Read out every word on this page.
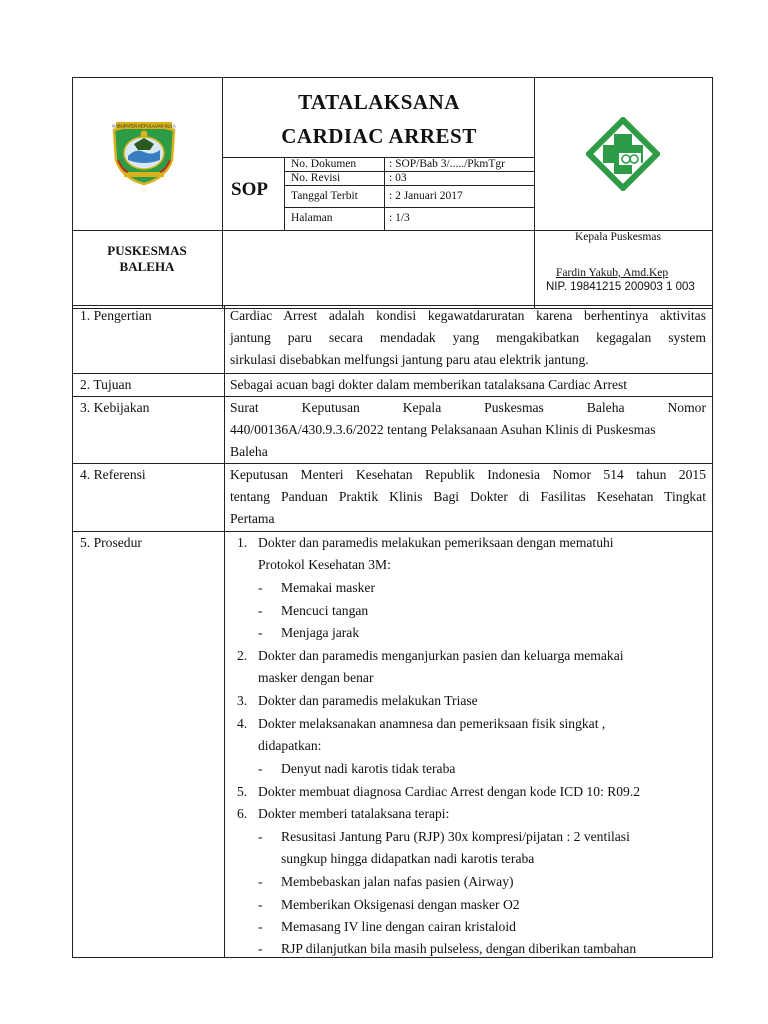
KABUPATEN KEPULAUAN SULA
TATALAKSANA
CARDIAC ARREST
SOP
No. Dokumen	: SOP/Bab 3/...../PkmTgr
No. Revisi	: 03
Tanggal Terbit	: 2 Januari 2017
Halaman	: 1/3
PUSKESMAS
BALEHA
Kepala Puskesmas
Fardin Yakub, Amd.Kep
NIP. 19841215 200903 1 003
1. Pengertian	Cardiac Arrest adalah kondisi kegawatdaruratan karena berhentinya aktivitas
jantung paru secara mendadak yang mengakibatkan kegagalan system
sirkulasi disebabkan melfungsi jantung paru atau elektrik jantung.
2. Tujuan	Sebagai acuan bagi dokter dalam memberikan tatalaksana Cardiac Arrest
3. Kebijakan	Surat Keputusan Kepala Puskesmas Baleha Nomor
440/00136A/430.9.3.6/2022 tentang Pelaksanaan Asuhan Klinis di Puskesmas
Baleha
4. Referensi	Keputusan Menteri Kesehatan Republik Indonesia Nomor 514 tahun 2015
tentang Panduan Praktik Klinis Bagi Dokter di Fasilitas Kesehatan Tingkat
Pertama
5. Prosedur	1. Dokter dan paramedis melakukan pemeriksaan dengan mematuhi
Protokol Kesehatan 3M:
- Memakai masker
- Mencuci tangan
- Menjaga jarak
2. Dokter dan paramedis menganjurkan pasien dan keluarga memakai
masker dengan benar
3. Dokter dan paramedis melakukan Triase
4. Dokter melaksanakan anamnesa dan pemeriksaan fisik singkat ,
didapatkan:
- Denyut nadi karotis tidak teraba
5. Dokter membuat diagnosa Cardiac Arrest dengan kode ICD 10: R09.2
6. Dokter memberi tatalaksana terapi:
- Resusitasi Jantung Paru (RJP) 30x kompresi/pijatan : 2 ventilasi
sungkup hingga didapatkan nadi karotis teraba
- Membebaskan jalan nafas pasien (Airway)
- Memberikan Oksigenasi dengan masker O2
- Memasang IV line dengan cairan kristaloid
- RJP dilanjutkan bila masih pulseless, dengan diberikan tambahan
